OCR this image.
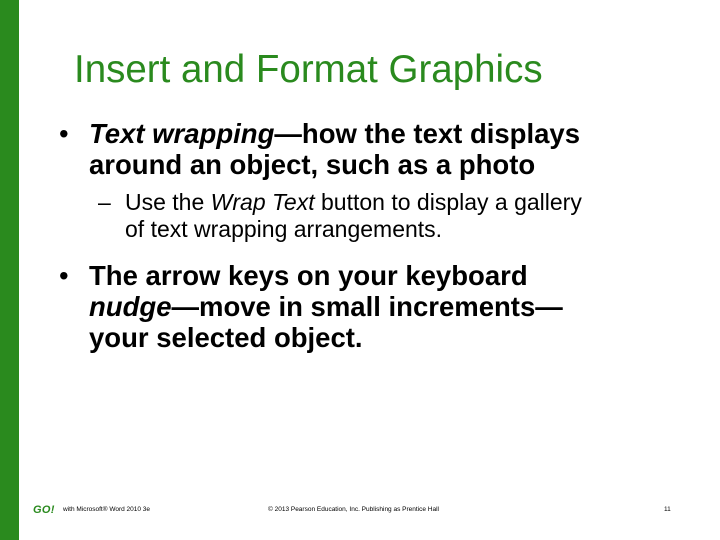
Insert and Format Graphics
• Text wrapping—how the text displays
around an object, such as a photo
– Use the Wrap Text button to display a gallery
of text wrapping arrangements.
• The arrow keys on your keyboard
nudge—move in small increments—
your selected object.
GO! with Microsoft® Word 2010 3e	© 2013 Pearson Education, Inc. Publishing as Prentice Hall	11
